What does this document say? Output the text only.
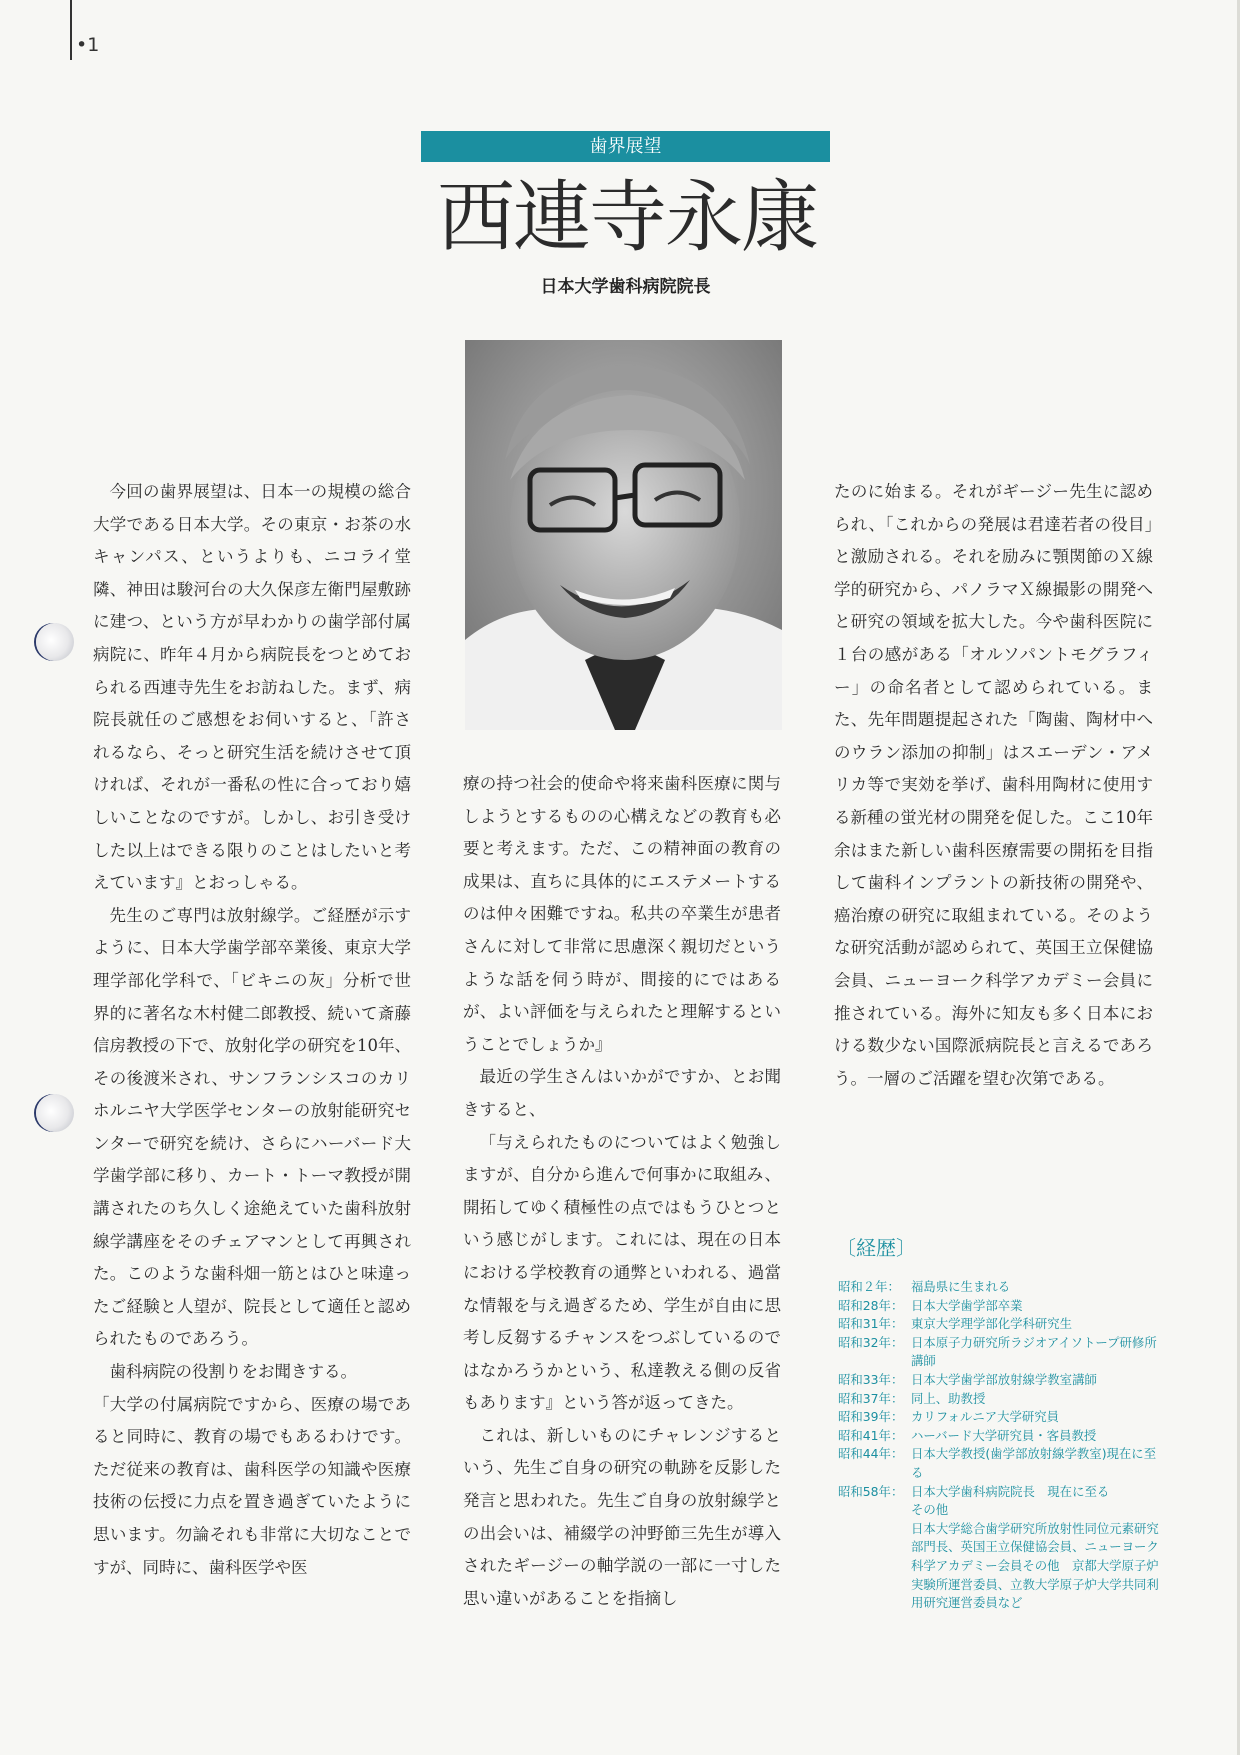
•1
歯界展望
西連寺永康
日本大学歯科病院院長

今回の歯界展望は、日本一の規模の総合大学である日本大学。その東京・お茶の水キャンパス、というよりも、ニコライ堂隣、神田は駿河台の大久保彦左衛門屋敷跡に建つ、という方が早わかりの歯学部付属病院に、昨年４月から病院長をつとめておられる西連寺先生をお訪ねした。まず、病院長就任のご感想をお伺いすると、「許されるなら、そっと研究生活を続けさせて頂ければ、それが一番私の性に合っており嬉しいことなのですが。しかし、お引き受けした以上はできる限りのことはしたいと考えています』とおっしゃる。

先生のご専門は放射線学。ご経歴が示すように、日本大学歯学部卒業後、東京大学理学部化学科で、「ビキニの灰」分析で世界的に著名な木村健二郎教授、続いて斎藤信房教授の下で、放射化学の研究を10年、その後渡米され、サンフランシスコのカリホルニヤ大学医学センターの放射能研究センターで研究を続け、さらにハーバード大学歯学部に移り、カート・トーマ教授が開講されたのち久しく途絶えていた歯科放射線学講座をそのチェアマンとして再興された。このような歯科畑一筋とはひと味違ったご経験と人望が、院長として適任と認められたものであろう。

歯科病院の役割りをお聞きする。

「大学の付属病院ですから、医療の場であると同時に、教育の場でもあるわけです。ただ従来の教育は、歯科医学の知識や医療技術の伝授に力点を置き過ぎていたように思います。勿論それも非常に大切なことですが、同時に、歯科医学や医

療の持つ社会的使命や将来歯科医療に関与しようとするものの心構えなどの教育も必要と考えます。ただ、この精神面の教育の成果は、直ちに具体的にエステメートするのは仲々困難ですね。私共の卒業生が患者さんに対して非常に思慮深く親切だというような話を伺う時が、間接的にではあるが、よい評価を与えられたと理解するということでしょうか』

最近の学生さんはいかがですか、とお聞きすると、

「与えられたものについてはよく勉強しますが、自分から進んで何事かに取組み、開拓してゆく積極性の点ではもうひとつという感じがします。これには、現在の日本における学校教育の通弊といわれる、過當な情報を与え過ぎるため、学生が自由に思考し反芻するチャンスをつぶしているのではなかろうかという、私達教える側の反省もあります』という答が返ってきた。

これは、新しいものにチャレンジするという、先生ご自身の研究の軌跡を反影した発言と思われた。先生ご自身の放射線学との出会いは、補綴学の沖野節三先生が導入されたギージーの軸学説の一部に一寸した思い違いがあることを指摘し

たのに始まる。それがギージー先生に認められ、「これからの発展は君達若者の役目」と激励される。それを励みに顎関節のＸ線学的研究から、パノラマＸ線撮影の開発へと研究の領域を拡大した。今や歯科医院に１台の感がある「オルソパントモグラフィー」の命名者として認められている。また、先年問題提起された「陶歯、陶材中へのウラン添加の抑制」はスエーデン・アメリカ等で実効を挙げ、歯科用陶材に使用する新種の蛍光材の開発を促した。ここ10年余はまた新しい歯科医療需要の開拓を目指して歯科インプラントの新技術の開発や、癌治療の研究に取組まれている。そのような研究活動が認められて、英国王立保健協会員、ニューヨーク科学アカデミー会員に推されている。海外に知友も多く日本における数少ない国際派病院長と言えるであろう。一層のご活躍を望む次第である。

〔経歴〕
昭和２年： 福島県に生まれる
昭和28年： 日本大学歯学部卒業
昭和31年： 東京大学理学部化学科研究生
昭和32年： 日本原子力研究所ラジオアイソトープ研修所講師
昭和33年： 日本大学歯学部放射線学教室講師
昭和37年： 同上、助教授
昭和39年： カリフォルニア大学研究員
昭和41年： ハーバード大学研究員・客員教授
昭和44年： 日本大学教授(歯学部放射線学教室)現在に至る
昭和58年： 日本大学歯科病院院長　現在に至る
その他
日本大学総合歯学研究所放射性同位元素研究部門長、英国王立保健協会員、ニューヨーク科学アカデミー会員その他　京都大学原子炉実験所運営委員、立教大学原子炉大学共同利用研究運営委員など
